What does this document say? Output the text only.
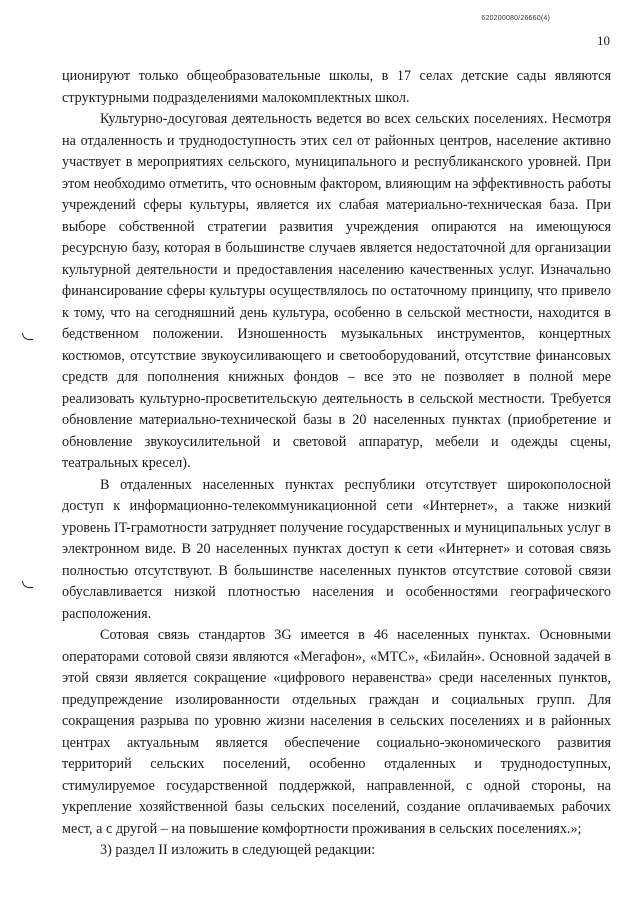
620200080/26660(4)
10

ционируют только общеобразовательные школы, в 17 селах детские сады являются структурными подразделениями малокомплектных школ.

Культурно-досуговая деятельность ведется во всех сельских поселениях. Несмотря на отдаленность и труднодоступность этих сел от районных центров, население активно участвует в мероприятиях сельского, муниципального и республиканского уровней. При этом необходимо отметить, что основным фактором, влияющим на эффективность работы учреждений сферы культуры, является их слабая материально-техническая база. При выборе собственной стратегии развития учреждения опираются на имеющуюся ресурсную базу, которая в большинстве случаев является недостаточной для организации культурной деятельности и предоставления населению качественных услуг. Изначально финансирование сферы культуры осуществлялось по остаточному принципу, что привело к тому, что на сегодняшний день культура, особенно в сельской местности, находится в бедственном положении. Изношенность музыкальных инструментов, концертных костюмов, отсутствие звукоусиливающего и светооборудований, отсутствие финансовых средств для пополнения книжных фондов – все это не позволяет в полной мере реализовать культурно-просветительскую деятельность в сельской местности. Требуется обновление материально-технической базы в 20 населенных пунктах (приобретение и обновление звукоусилительной и световой аппаратур, мебели и одежды сцены, театральных кресел).

В отдаленных населенных пунктах республики отсутствует широкополосной доступ к информационно-телекоммуникационной сети «Интернет», а также низкий уровень IT-грамотности затрудняет получение государственных и муниципальных услуг в электронном виде. В 20 населенных пунктах доступ к сети «Интернет» и сотовая связь полностью отсутствуют. В большинстве населенных пунктов отсутствие сотовой связи обуславливается низкой плотностью населения и особенностями географического расположения.

Сотовая связь стандартов 3G имеется в 46 населенных пунктах. Основными операторами сотовой связи являются «Мегафон», «МТС», «Билайн». Основной задачей в этой связи является сокращение «цифрового неравенства» среди населенных пунктов, предупреждение изолированности отдельных граждан и социальных групп. Для сокращения разрыва по уровню жизни населения в сельских поселениях и в районных центрах актуальным является обеспечение социально-экономического развития территорий сельских поселений, особенно отдаленных и труднодоступных, стимулируемое государственной поддержкой, направленной, с одной стороны, на укрепление хозяйственной базы сельских поселений, создание оплачиваемых рабочих мест, а с другой – на повышение комфортности проживания в сельских поселениях.»;

3) раздел II изложить в следующей редакции:
